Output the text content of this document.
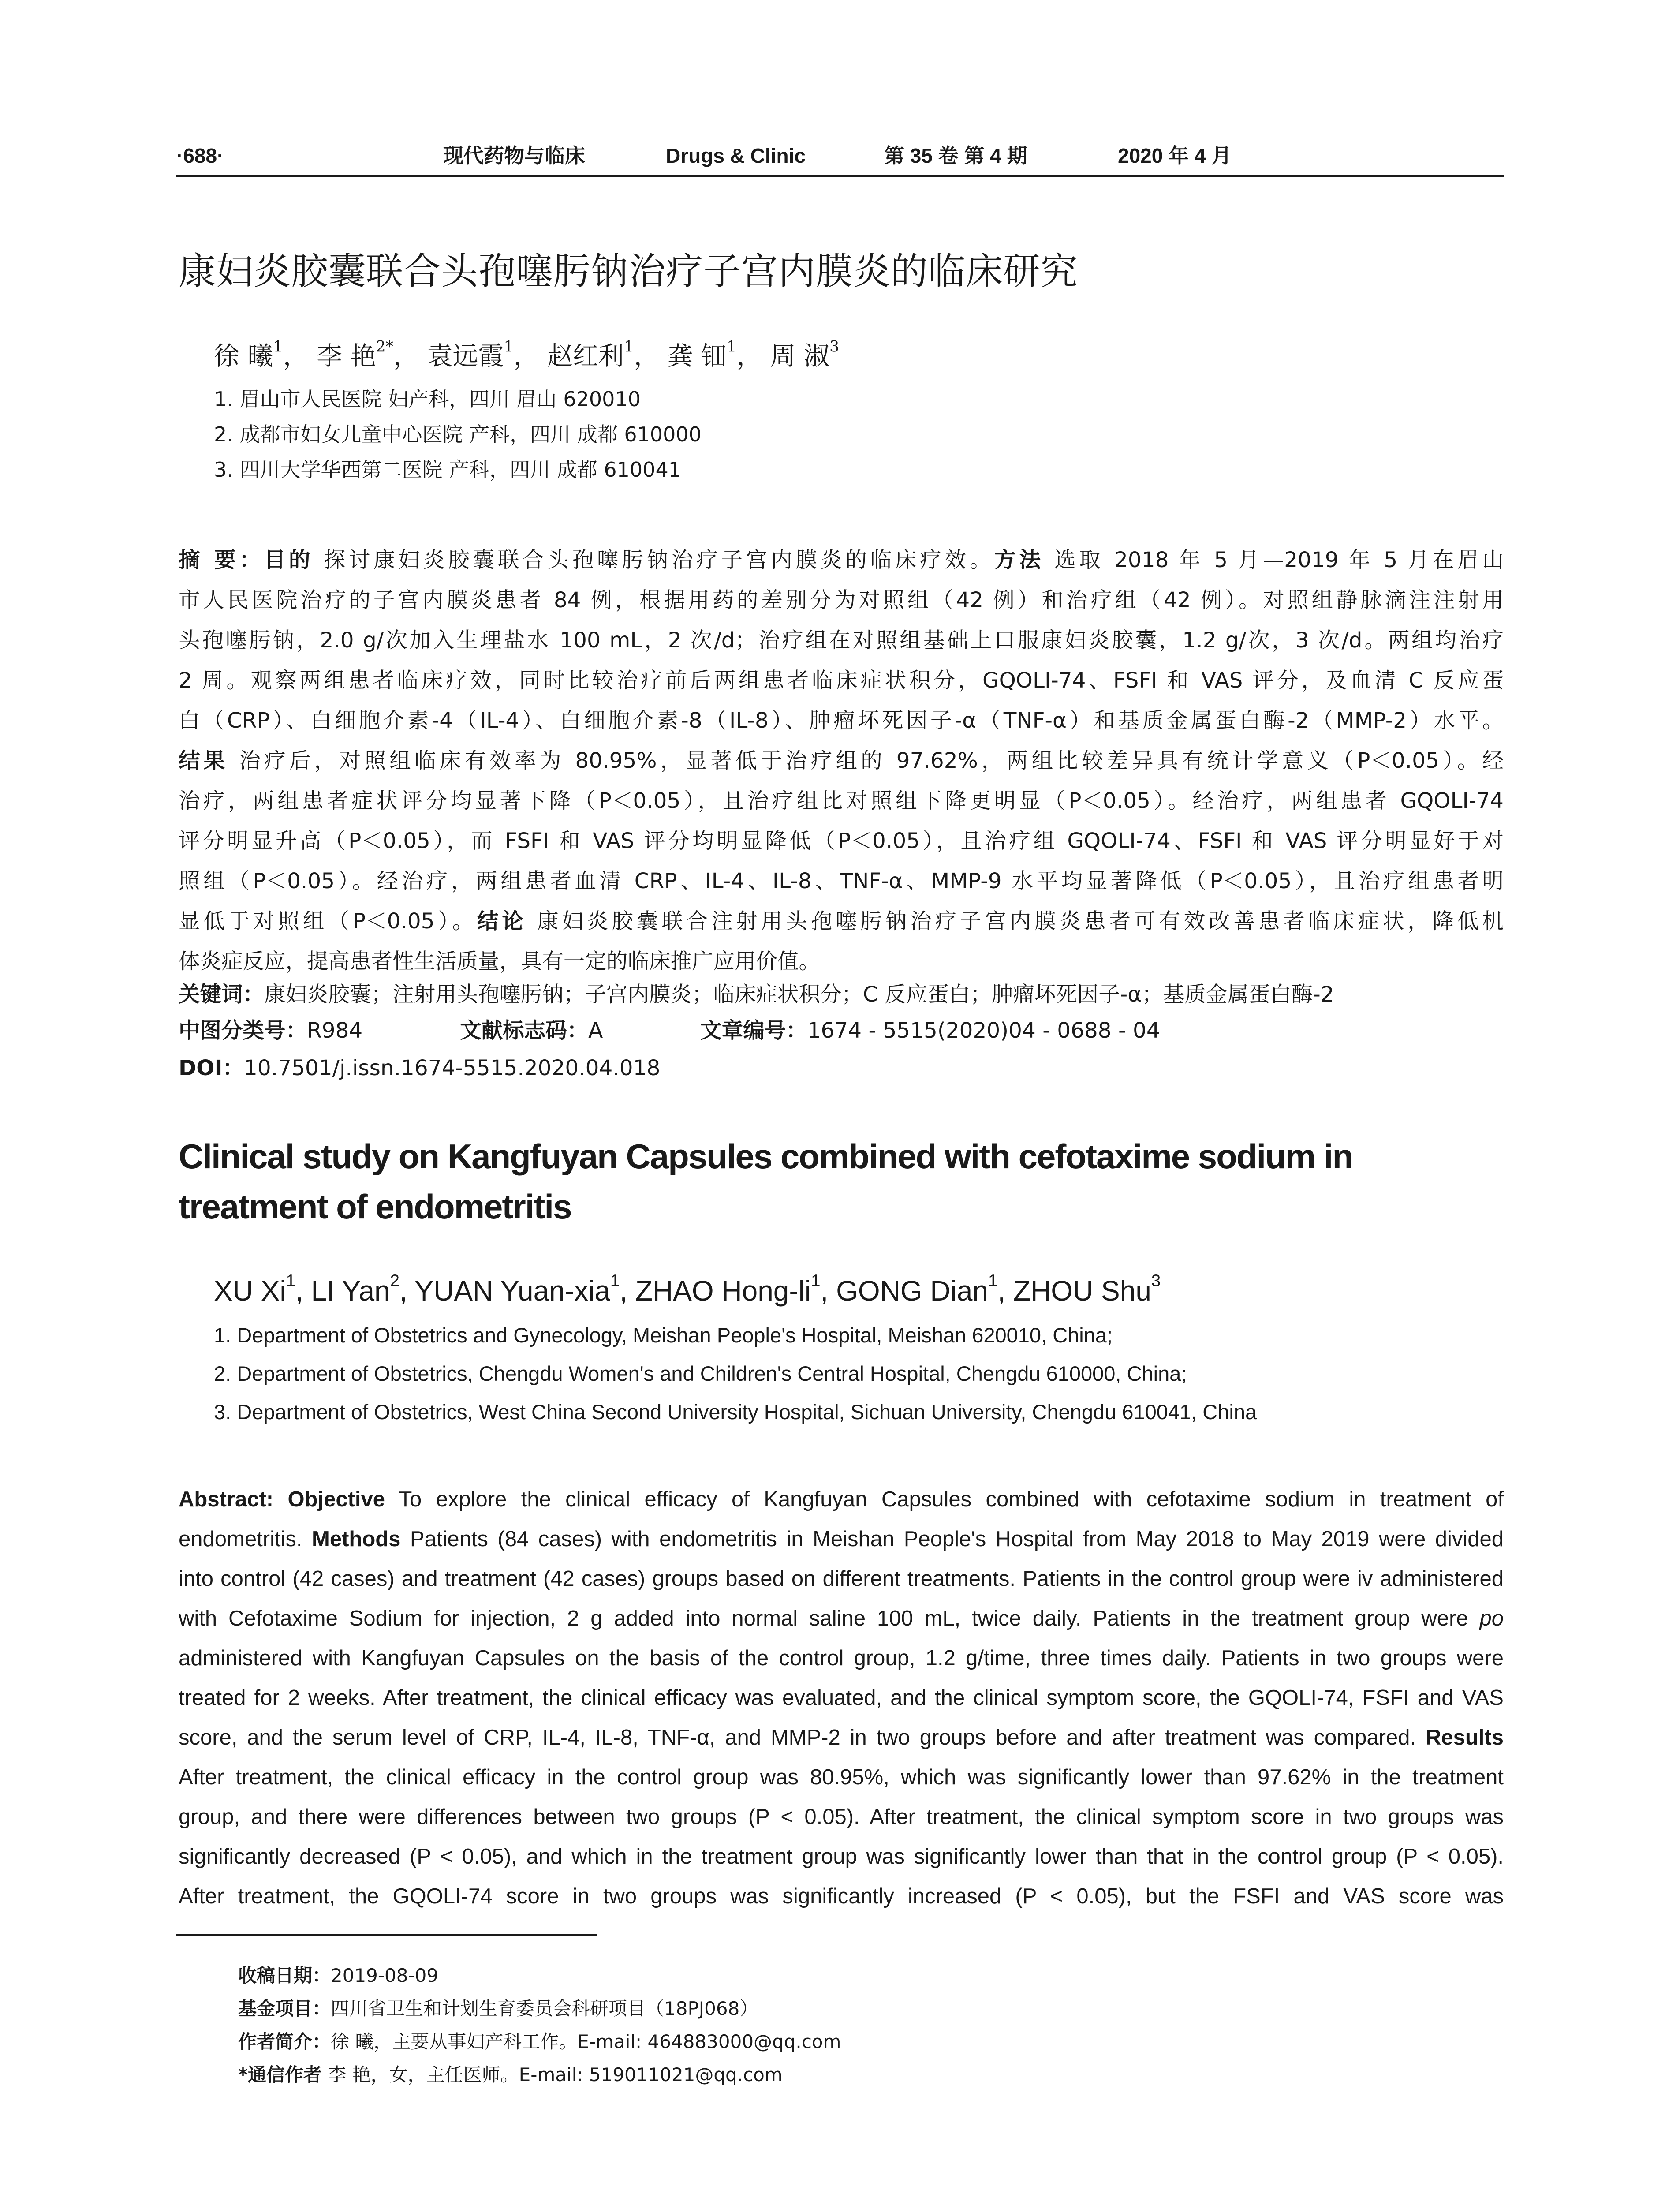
·688·	现代药物与临床	Drugs & Clinic	第 35 卷 第 4 期	2020 年 4 月
康妇炎胶囊联合头孢噻肟钠治疗子宫内膜炎的临床研究
徐 曦$^1$， 李 艳$^{2*}$， 袁远霞$^1$， 赵红利$^1$， 龚 钿$^1$， 周 淑$^3$
1. 眉山市人民医院 妇产科，四川 眉山 620010
2. 成都市妇女儿童中心医院 产科，四川 成都 610000
3. 四川大学华西第二医院 产科，四川 成都 610041
摘 要：目的 探讨康妇炎胶囊联合头孢噻肟钠治疗子宫内膜炎的临床疗效。方法 选取 2018 年 5 月—2019 年 5 月在眉山
市人民医院治疗的子宫内膜炎患者 84 例，根据用药的差别分为对照组（42 例）和治疗组（42 例）。对照组静脉滴注注射用
头孢噻肟钠，2.0 g/次加入生理盐水 100 mL，2 次/d；治疗组在对照组基础上口服康妇炎胶囊，1.2 g/次，3 次/d。两组均治疗
2 周。观察两组患者临床疗效，同时比较治疗前后两组患者临床症状积分，GQOLI-74、FSFI 和 VAS 评分，及血清 C 反应蛋
白（CRP）、白细胞介素-4（IL-4）、白细胞介素-8（IL-8）、肿瘤坏死因子-α（TNF-α）和基质金属蛋白酶-2（MMP-2）水平。
结果 治疗后，对照组临床有效率为 80.95%，显著低于治疗组的 97.62%，两组比较差异具有统计学意义（P＜0.05）。经
治疗，两组患者症状评分均显著下降（P＜0.05），且治疗组比对照组下降更明显（P＜0.05）。经治疗，两组患者 GQOLI-74
评分明显升高（P＜0.05），而 FSFI 和 VAS 评分均明显降低（P＜0.05），且治疗组 GQOLI-74、FSFI 和 VAS 评分明显好于对
照组（P＜0.05）。经治疗，两组患者血清 CRP、IL-4、IL-8、TNF-α、MMP-9 水平均显著降低（P＜0.05），且治疗组患者明
显低于对照组（P＜0.05）。结论 康妇炎胶囊联合注射用头孢噻肟钠治疗子宫内膜炎患者可有效改善患者临床症状，降低机
体炎症反应，提高患者性生活质量，具有一定的临床推广应用价值。
关键词：康妇炎胶囊；注射用头孢噻肟钠；子宫内膜炎；临床症状积分；C 反应蛋白；肿瘤坏死因子-α；基质金属蛋白酶-2
中图分类号：R984	文献标志码：A	文章编号：1674 - 5515(2020)04 - 0688 - 04
DOI：10.7501/j.issn.1674-5515.2020.04.018
Clinical study on Kangfuyan Capsules combined with cefotaxime sodium in treatment of endometritis
XU Xi$^1$, LI Yan$^2$, YUAN Yuan-xia$^1$, ZHAO Hong-$li^1$, GONG Dian$^1$, ZHOU Shu$^3$
1. Department of Obstetrics and Gynecology, Meishan People's Hospital, Meishan 620010, China;
2. Department of Obstetrics, Chengdu Women's and Children's Central Hospital, Chengdu 610000, China;
3. Department of Obstetrics, West China Second University Hospital, Sichuan University, Chengdu 610041, China
Abstract: Objective To explore the clinical efficacy of Kangfuyan Capsules combined with cefotaxime sodium in treatment of
endometritis. Methods Patients (84 cases) with endometritis in Meishan People's Hospital from May 2018 to May 2019 were divided
into control (42 cases) and treatment (42 cases) groups based on different treatments. Patients in the control group were iv administered
with Cefotaxime Sodium for injection, 2 g added into normal saline 100 mL, twice daily. Patients in the treatment group were po
administered with Kangfuyan Capsules on the basis of the control group, 1.2 g/time, three times daily. Patients in two groups were
treated for 2 weeks. After treatment, the clinical efficacy was evaluated, and the clinical symptom score, the GQOLI-74, FSFI and VAS
score, and the serum level of CRP, IL-4, IL-8, TNF-α, and MMP-2 in two groups before and after treatment was compared. Results
After treatment, the clinical efficacy in the control group was 80.95%, which was significantly lower than 97.62% in the treatment
group, and there were differences between two groups (P < 0.05). After treatment, the clinical symptom score in two groups was
significantly decreased (P < 0.05), and which in the treatment group was significantly lower than that in the control group (P < 0.05).
After treatment, the GQOLI-74 score in two groups was significantly increased (P < 0.05), but the FSFI and VAS score was
收稿日期：2019-08-09
基金项目：四川省卫生和计划生育委员会科研项目（18PJ068）
作者简介：徐 曦，主要从事妇产科工作。E-mail: 464883000@qq.com
*通信作者 李 艳，女，主任医师。E-mail: 519011021@qq.com
